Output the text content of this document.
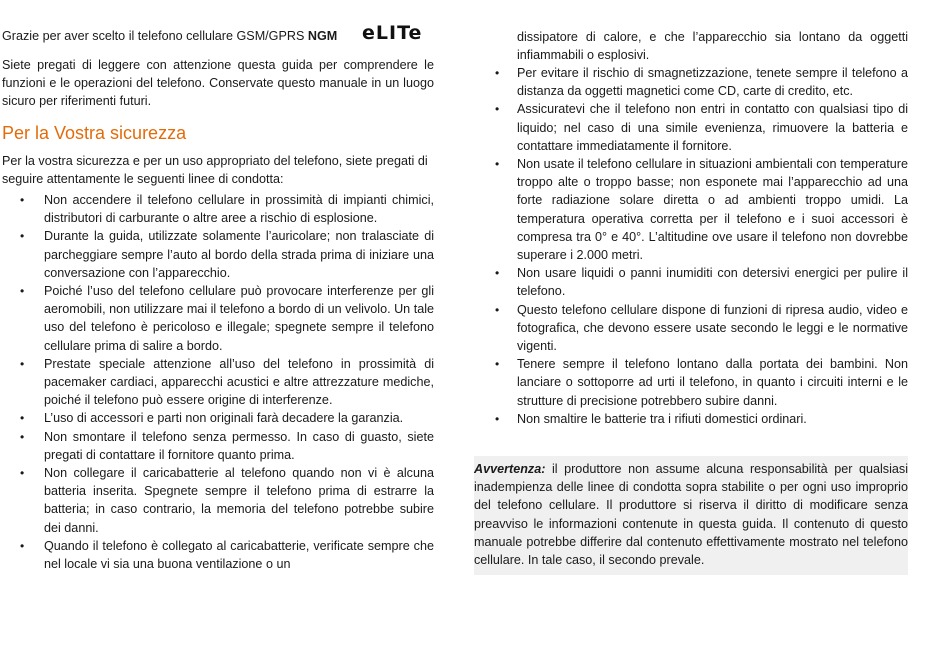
Grazie per aver scelto il telefono cellulare GSM/GPRS NGM	eLITe

Siete pregati di leggere con attenzione questa guida per comprendere le funzioni e le operazioni del telefono. Conservate questo manuale in un luogo sicuro per riferimenti futuri.

Per la Vostra sicurezza

Per la vostra sicurezza e per un uso appropriato del telefono, siete pregati di seguire attentamente le seguenti linee di condotta:

• Non accendere il telefono cellulare in prossimità di impianti chimici, distributori di carburante o altre aree a rischio di esplosione.
• Durante la guida, utilizzate solamente l’auricolare; non tralasciate di parcheggiare sempre l’auto al bordo della strada prima di iniziare una conversazione con l’apparecchio.
• Poiché l’uso del telefono cellulare può provocare interferenze per gli aeromobili, non utilizzare mai il telefono a bordo di un velivolo. Un tale uso del telefono è pericoloso e illegale; spegnete sempre il telefono cellulare prima di salire a bordo.
• Prestate speciale attenzione all’uso del telefono in prossimità di pacemaker cardiaci, apparecchi acustici e altre attrezzature mediche, poiché il telefono può essere origine di interferenze.
• L’uso di accessori e parti non originali farà decadere la garanzia.
• Non smontare il telefono senza permesso. In caso di guasto, siete pregati di contattare il fornitore quanto prima.
• Non collegare il caricabatterie al telefono quando non vi è alcuna batteria inserita. Spegnete sempre il telefono prima di estrarre la batteria; in caso contrario, la memoria del telefono potrebbe subire dei danni.
• Quando il telefono è collegato al caricabatterie, verificate sempre che nel locale vi sia una buona ventilazione o un

dissipatore di calore, e che l’apparecchio sia lontano da oggetti infiammabili o esplosivi.

• Per evitare il rischio di smagnetizzazione, tenete sempre il telefono a distanza da oggetti magnetici come CD, carte di credito, etc.
• Assicuratevi che il telefono non entri in contatto con qualsiasi tipo di liquido; nel caso di una simile evenienza, rimuovere la batteria e contattare immediatamente il fornitore.
• Non usate il telefono cellulare in situazioni ambientali con temperature troppo alte o troppo basse; non esponete mai l’apparecchio ad una forte radiazione solare diretta o ad ambienti troppo umidi. La temperatura operativa corretta per il telefono e i suoi accessori è compresa tra 0° e 40°. L’altitudine ove usare il telefono non dovrebbe superare i 2.000 metri.
• Non usare liquidi o panni inumiditi con detersivi energici per pulire il telefono.
• Questo telefono cellulare dispone di funzioni di ripresa audio, video e fotografica, che devono essere usate secondo le leggi e le normative vigenti.
• Tenere sempre il telefono lontano dalla portata dei bambini. Non lanciare o sottoporre ad urti il telefono, in quanto i circuiti interni e le strutture di precisione potrebbero subire danni.
• Non smaltire le batterie tra i rifiuti domestici ordinari.

Avvertenza: il produttore non assume alcuna responsabilità per qualsiasi inadempienza delle linee di condotta sopra stabilite o per ogni uso improprio del telefono cellulare. Il produttore si riserva il diritto di modificare senza preavviso le informazioni contenute in questa guida. Il contenuto di questo manuale potrebbe differire dal contenuto effettivamente mostrato nel telefono cellulare. In tale caso, il secondo prevale.
